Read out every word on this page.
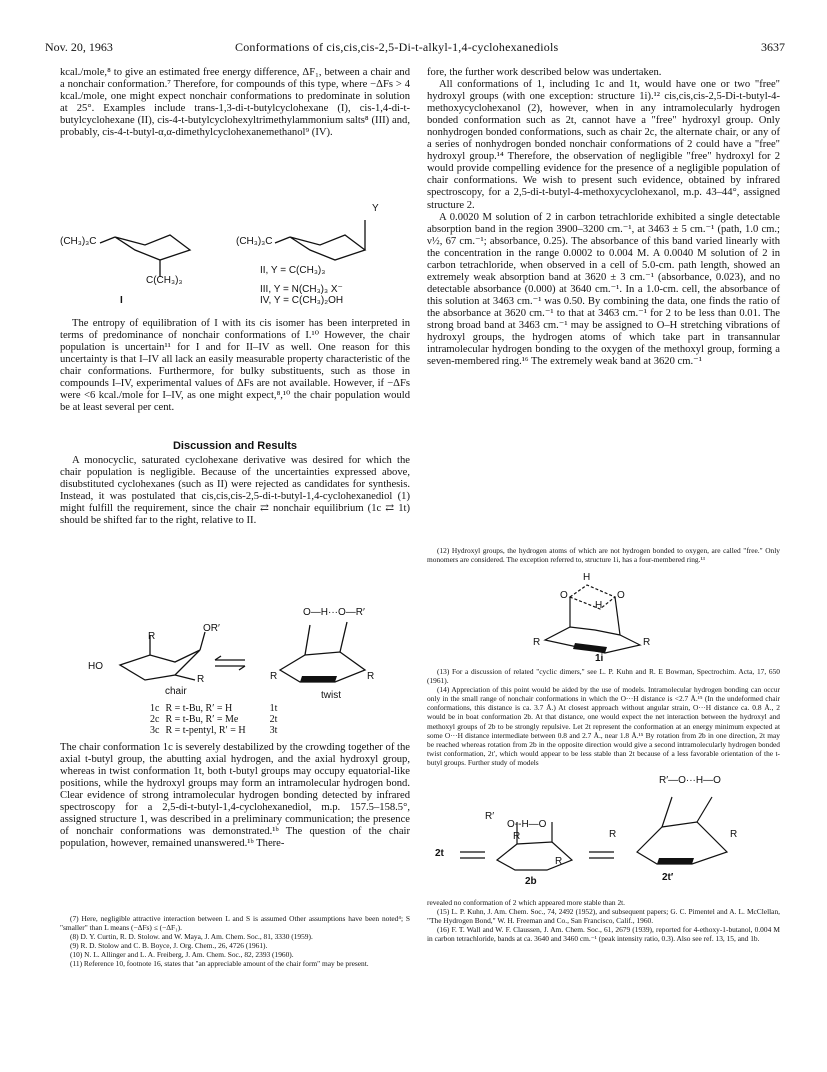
Nov. 20, 1963	Conformations of cis,cis,cis-2,5-Di-t-alkyl-1,4-cyclohexanediols	3637

kcal./mole,⁸ to give an estimated free energy difference, ΔF₁, between a chair and a nonchair conformation.⁷ Therefore, for compounds of this type, where −ΔFs > 4 kcal./mole, one might expect nonchair conformations to predominate in solution at 25°. Examples include trans-1,3-di-t-butylcyclohexane (I), cis-1,4-di-t-butylcyclohexane (II), cis-4-t-butylcyclohexyltrimethylammonium salts⁸ (III) and, probably, cis-4-t-butyl-α,α-dimethylcyclohexanemethanol⁹ (IV).

(CH₃)₃C
C(CH₃)₃
I
(CH₃)₃C
Y
II, Y = C(CH₃)₃
III, Y = N(CH₃)₃ X⁻
IV, Y = C(CH₃)₂OH

The entropy of equilibration of I with its cis isomer has been interpreted in terms of predominance of nonchair conformations of I.¹⁰ However, the chair population is uncertain¹¹ for I and for II–IV as well. One reason for this uncertainty is that I–IV all lack an easily measurable property characteristic of the chair conformations. Furthermore, for bulky substituents, such as those in compounds I–IV, experimental values of ΔFs are not available. However, if −ΔFs were <6 kcal./mole for I–IV, as one might expect,⁸,¹⁰ the chair population would be at least several per cent.

Discussion and Results

A monocyclic, saturated cyclohexane derivative was desired for which the chair population is negligible. Because of the uncertainties expressed above, disubstituted cyclohexanes (such as II) were rejected as candidates for synthesis. Instead, it was postulated that cis,cis,cis-2,5-di-t-butyl-1,4-cyclohexanediol (1) might fulfill the requirement, since the chair ⇄ nonchair equilibrium (1c ⇄ 1t) should be shifted far to the right, relative to II.

R
OR′
HO
R
chair
O—H···O—R′
R	R
twist
1c	R = t-Bu, R′ = H	1t
2c	R = t-Bu, R′ = Me	2t
3c	R = t-pentyl, R′ = H	3t

The chair conformation 1c is severely destabilized by the crowding together of the axial t-butyl group, the abutting axial hydrogen, and the axial hydroxyl group, whereas in twist conformation 1t, both t-butyl groups may occupy equatorial-like positions, while the hydroxyl groups may form an intramolecular hydrogen bond. Clear evidence of strong intramolecular hydrogen bonding detected by infrared spectroscopy for a 2,5-di-t-butyl-1,4-cyclohexanediol, m.p. 157.5–158.5°, assigned structure 1, was described in a preliminary communication; the presence of nonchair conformations was demonstrated.¹ᵇ The question of the chair population, however, remained unanswered.¹ᵇ There-

(7) Here, negligible attractive interaction between L and S is assumed Other assumptions have been noted⁴; S "smaller" than L means (−ΔFs) ≤ (−ΔF₁).

(8) D. Y. Curtin, R. D. Stolow. and W. Maya, J. Am. Chem. Soc., 81, 3330 (1959).

(9) R. D. Stolow and C. B. Boyce, J. Org. Chem., 26, 4726 (1961).

(10) N. L. Allinger and L. A. Freiberg, J. Am. Chem. Soc., 82, 2393 (1960).

(11) Reference 10, footnote 16, states that "an appreciable amount of the chair form" may be present.

fore, the further work described below was undertaken.

All conformations of 1, including 1c and 1t, would have one or two "free" hydroxyl groups (with one exception: structure 1i).¹² cis,cis,cis-2,5-Di-t-butyl-4-methoxycyclohexanol (2), however, when in any intramolecularly hydrogen bonded conformation such as 2t, cannot have a "free" hydroxyl group. Only nonhydrogen bonded conformations, such as chair 2c, the alternate chair, or any of a series of nonhydrogen bonded nonchair conformations of 2 could have a "free" hydroxyl group.¹⁴ Therefore, the observation of negligible "free" hydroxyl for 2 would provide compelling evidence for the presence of a negligible population of chair conformations. We wish to present such evidence, obtained by infrared spectroscopy, for a 2,5-di-t-butyl-4-methoxycyclohexanol, m.p. 43–44°, assigned structure 2.

A 0.0020 M solution of 2 in carbon tetrachloride exhibited a single detectable absorption band in the region 3900–3200 cm.⁻¹, at 3463 ± 5 cm.⁻¹ (path, 1.0 cm.; ν½, 67 cm.⁻¹; absorbance, 0.25). The absorbance of this band varied linearly with the concentration in the range 0.0002 to 0.004 M. A 0.0040 M solution of 2 in carbon tetrachloride, when observed in a cell of 5.0-cm. path length, showed an extremely weak absorption band at 3620 ± 3 cm.⁻¹ (absorbance, 0.023), and no detectable absorbance (0.000) at 3640 cm.⁻¹. In a 1.0-cm. cell, the absorbance of this solution at 3463 cm.⁻¹ was 0.50. By combining the data, one finds the ratio of the absorbance at 3620 cm.⁻¹ to that at 3463 cm.⁻¹ for 2 to be less than 0.01. The strong broad band at 3463 cm.⁻¹ may be assigned to O–H stretching vibrations of hydroxyl groups, the hydrogen atoms of which take part in transannular intramolecular hydrogen bonding to the oxygen of the methoxyl group, forming a seven-membered ring.¹⁶ The extremely weak band at 3620 cm.⁻¹

(12) Hydroxyl groups, the hydrogen atoms of which are not hydrogen bonded to oxygen, are called "free." Only monomers are considered. The exception referred to, structure 1i, has a four-membered ring.¹³

H
O	O
H
R	R
1i

(13) For a discussion of related "cyclic dimers," see L. P. Kuhn and R. E Bowman, Spectrochim. Acta, 17, 650 (1961).

(14) Appreciation of this point would be aided by the use of models. Intramolecular hydrogen bonding can occur only in the small range of nonchair conformations in which the O···H distance is <2.7 Å.¹⁵ (In the undeformed chair conformations, this distance is ca. 3.7 Å.) At closest approach without angular strain, O···H distance ca. 0.8 Å., 2 would be in boat conformation 2b. At that distance, one would expect the net interaction between the hydroxyl and methoxyl groups of 2b to be strongly repulsive. Let 2t represent the conformation at an energy minimum expected at some O···H distance intermediate between 0.8 and 2.7 Å., near 1.8 Å.¹⁵ By rotation from 2b in one direction, 2t may be reached whereas rotation from 2b in the opposite direction would give a second intramolecularly hydrogen bonded twist conformation, 2t′, which would appear to be less stable than 2t because of a less favorable orientation of the t-butyl groups. Further study of models

2t
R′
O--H—O
R
R
2b
R′—O···H—O
R	R
2t′

revealed no conformation of 2 which appeared more stable than 2t.

(15) L. P. Kuhn, J. Am. Chem. Soc., 74, 2492 (1952), and subsequent papers; G. C. Pimentel and A. L. McClellan, "The Hydrogen Bond," W. H. Freeman and Co., San Francisco, Calif., 1960.

(16) F. T. Wall and W. F. Claussen, J. Am. Chem. Soc., 61, 2679 (1939), reported for 4-ethoxy-1-butanol, 0.004 M in carbon tetrachloride, bands at ca. 3640 and 3460 cm.⁻¹ (peak intensity ratio, 0.3). Also see ref. 13, 15, and 1b.
